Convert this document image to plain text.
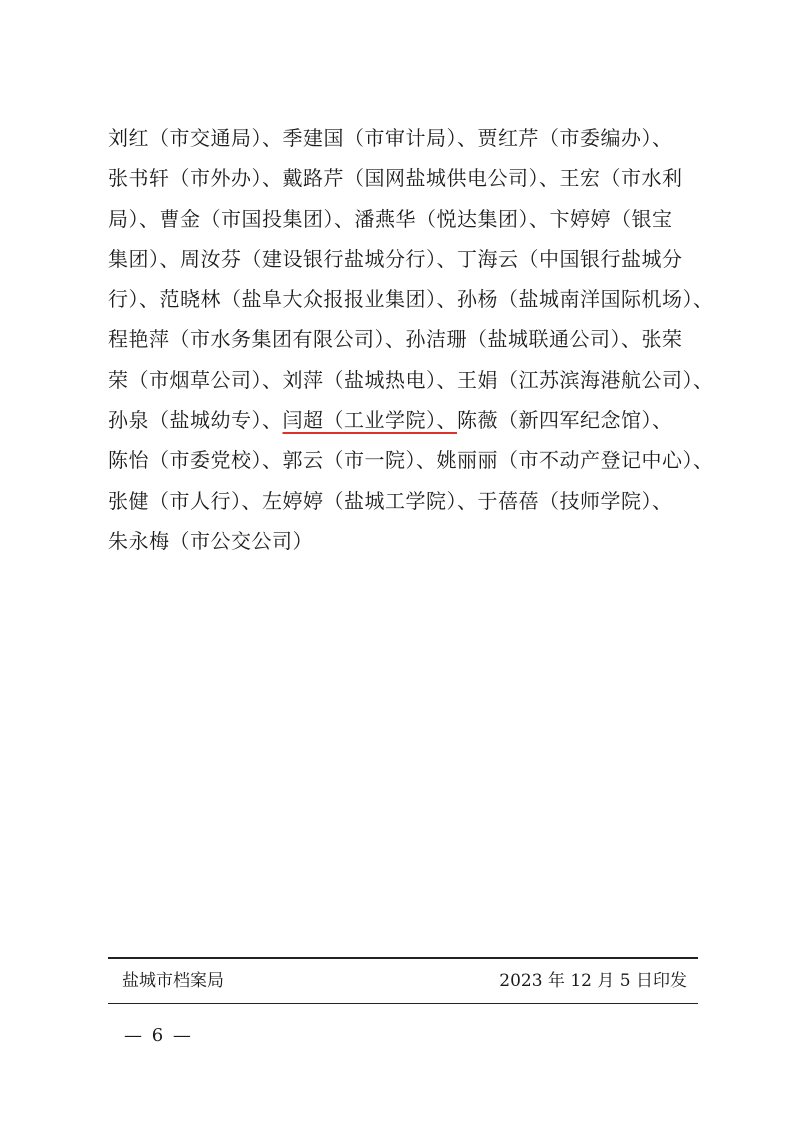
刘红（市交通局）、季建国（市审计局）、贾红芹（市委编办）、
张书轩（市外办）、戴路芹（国网盐城供电公司）、王宏（市水利
局）、曹金（市国投集团）、潘燕华（悦达集团）、卞婷婷（银宝
集团）、周汝芬（建设银行盐城分行）、丁海云（中国银行盐城分
行）、范晓林（盐阜大众报报业集团）、孙杨（盐城南洋国际机场）、
程艳萍（市水务集团有限公司）、孙洁珊（盐城联通公司）、张荣
荣（市烟草公司）、刘萍（盐城热电）、王娟（江苏滨海港航公司）、
孙泉（盐城幼专）、闫超（工业学院）、陈薇（新四军纪念馆）、
陈怡（市委党校）、郭云（市一院）、姚丽丽（市不动产登记中心）、
张健（市人行）、左婷婷（盐城工学院）、于蓓蓓（技师学院）、
朱永梅（市公交公司）
盐城市档案局	2023 年 12 月 5 日印发
— 6 —
